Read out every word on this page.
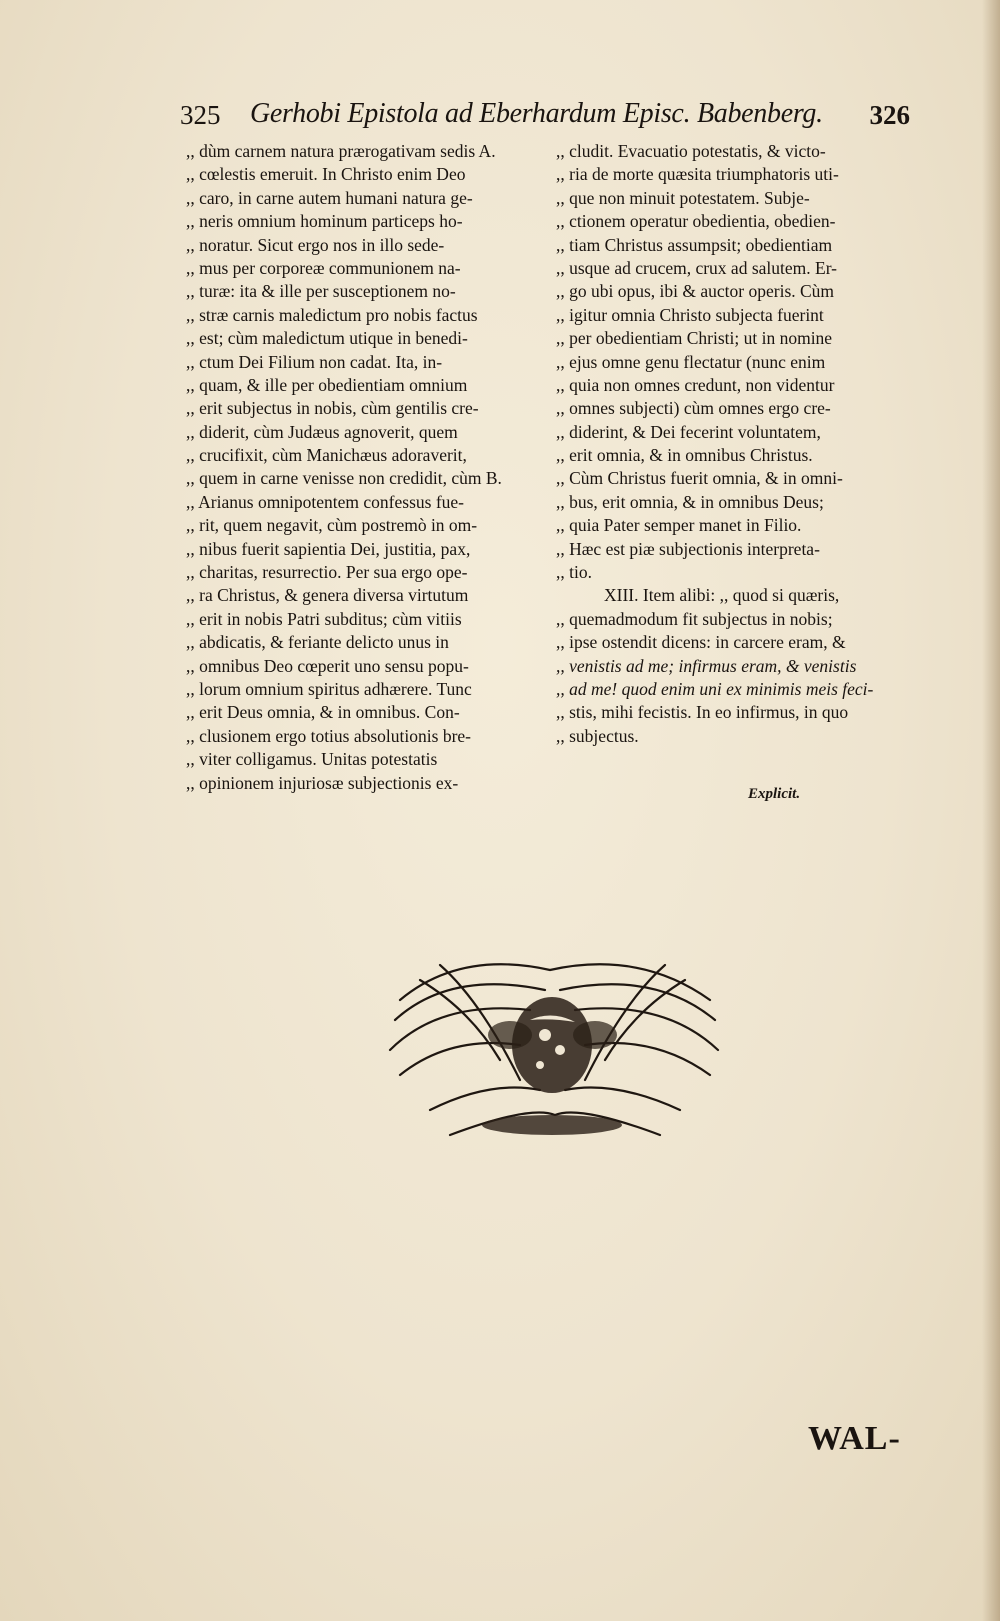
325 Gerhobi Epistola ad Eberhardum Episc. Babenberg. 326
,, dùm carnem natura prærogativam sedis A.
,, cœlestis emeruit. In Christo enim Deo
,, caro, in carne autem humani natura ge-
,, neris omnium hominum particeps ho-
,, noratur. Sicut ergo nos in illo sede-
,, mus per corporeæ communionem na-
,, turæ: ita & ille per susceptionem no-
,, stræ carnis maledictum pro nobis factus
,, est; cùm maledictum utique in benedi-
,, ctum Dei Filium non cadat. Ita, in-
,, quam, & ille per obedientiam omnium
,, erit subjectus in nobis, cùm gentilis cre-
,, diderit, cùm Judæus agnoverit, quem
,, crucifixit, cùm Manichæus adoraverit,
,, quem in carne venisse non credidit, cùm B.
,, Arianus omnipotentem confessus fue-
,, rit, quem negavit, cùm postremò in om-
,, nibus fuerit sapientia Dei, justitia, pax,
,, charitas, resurrectio. Per sua ergo ope-
,, ra Christus, & genera diversa virtutum
,, erit in nobis Patri subditus; cùm vitiis
,, abdicatis, & feriante delicto unus in
,, omnibus Deo cœperit uno sensu popu-
,, lorum omnium spiritus adhærere. Tunc
,, erit Deus omnia, & in omnibus. Con-
,, clusionem ergo totius absolutionis bre-
,, viter colligamus. Unitas potestatis
,, opinionem injuriosæ subjectionis ex-
,, cludit. Evacuatio potestatis, & victo-
,, ria de morte quæsita triumphatoris uti-
,, que non minuit potestatem. Subje-
,, ctionem operatur obedientia, obedien-
,, tiam Christus assumpsit; obedientiam
,, usque ad crucem, crux ad salutem. Er-
,, go ubi opus, ibi & auctor operis. Cùm
,, igitur omnia Christo subjecta fuerint
,, per obedientiam Christi; ut in nomine
,, ejus omne genu flectatur (nunc enim
,, quia non omnes credunt, non videntur
,, omnes subjecti) cùm omnes ergo cre-
,, diderint, & Dei fecerint voluntatem,
,, erit omnia, & in omnibus Christus.
,, Cùm Christus fuerit omnia, & in omni-
,, bus, erit omnia, & in omnibus Deus;
,, quia Pater semper manet in Filio.
,, Hæc est piæ subjectionis interpreta-
,, tio.
XIII. Item alibi: ,, quod si quæris,
,, quemadmodum fit subjectus in nobis;
,, ipse ostendit dicens: in carcere eram, &
,, venistis ad me; infirmus eram, & venistis
,, ad me! quod enim uni ex minimis meis feci-
,, stis, mihi fecistis. In eo infirmus, in quo
,, subjectus.
Explicit.
WAL-
